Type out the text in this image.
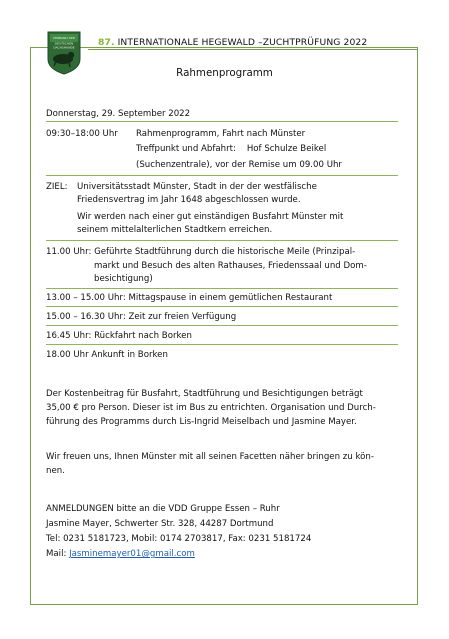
VERBAND DER
DEUTSCHEN
DACHSHUNDE	87. INTERNATIONALE HEGEWALD –ZUCHTPRÜFUNG 2022
Rahmenprogramm
Donnerstag, 29. September 2022
09:30–18:00 Uhr Rahmenprogramm, Fahrt nach Münster
Treffpunkt und Abfahrt:    Hof Schulze Beikel
(Suchenzentrale), vor der Remise um 09.00 Uhr
ZIEL: Universitätsstadt Münster, Stadt in der der westfälische
Friedensvertrag im Jahr 1648 abgeschlossen wurde.
Wir werden nach einer gut einständigen Busfahrt Münster mit
seinem mittelalterlichen Stadtkern erreichen.
11.00 Uhr: Geführte Stadtführung durch die historische Meile (Prinzipal-
markt und Besuch des alten Rathauses, Friedenssaal und Dom-
besichtigung)
13.00 – 15.00 Uhr: Mittagspause in einem gemütlichen Restaurant
15.00 – 16.30 Uhr: Zeit zur freien Verfügung
16.45 Uhr: Rückfahrt nach Borken
18.00 Uhr Ankunft in Borken
Der Kostenbeitrag für Busfahrt, Stadtführung und Besichtigungen beträgt
35,00 € pro Person. Dieser ist im Bus zu entrichten. Organisation und Durch-
führung des Programms durch Lis-Ingrid Meiselbach und Jasmine Mayer.
Wir freuen uns, Ihnen Münster mit all seinen Facetten näher bringen zu kön-
nen.
ANMELDUNGEN bitte an die VDD Gruppe Essen – Ruhr
Jasmine Mayer, Schwerter Str. 328, 44287 Dortmund
Tel: 0231 5181723, Mobil: 0174 2703817, Fax: 0231 5181724
Mail: Jasminemayer01@gmail.com
